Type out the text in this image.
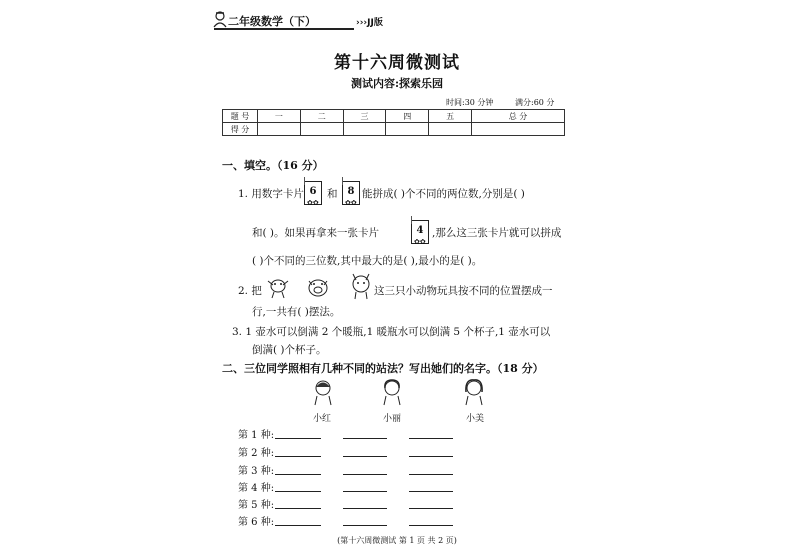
二年级数学（下）	›››JJ版
第十六周微测试
测试内容:探索乐园
时间:30 分钟	满分:60 分
题 号	一	二	三	四	五	总 分
得 分						
一、填空。（16 分）
1. 用数字卡片 6
✿✿
和 8
✿✿
能拼成( )个不同的两位数,分别是( )
和( )。如果再拿来一张卡片	4
✿✿
,那么这三张卡片就可以拼成
( )个不同的三位数,其中最大的是( ),最小的是( )。
2. 把	这三只小动物玩具按不同的位置摆成一
行,一共有( )摆法。
3. 1 壶水可以倒满 2 个暖瓶,1 暖瓶水可以倒满 5 个杯子,1 壶水可以
倒满( )个杯子。
二、三位同学照相有几种不同的站法？写出她们的名字。（18 分）
小红	小丽	小美
第 1 种:
第 2 种:
第 3 种:
第 4 种:
第 5 种:
第 6 种:
(第十六周微测试 第 1 页 共 2 页)
